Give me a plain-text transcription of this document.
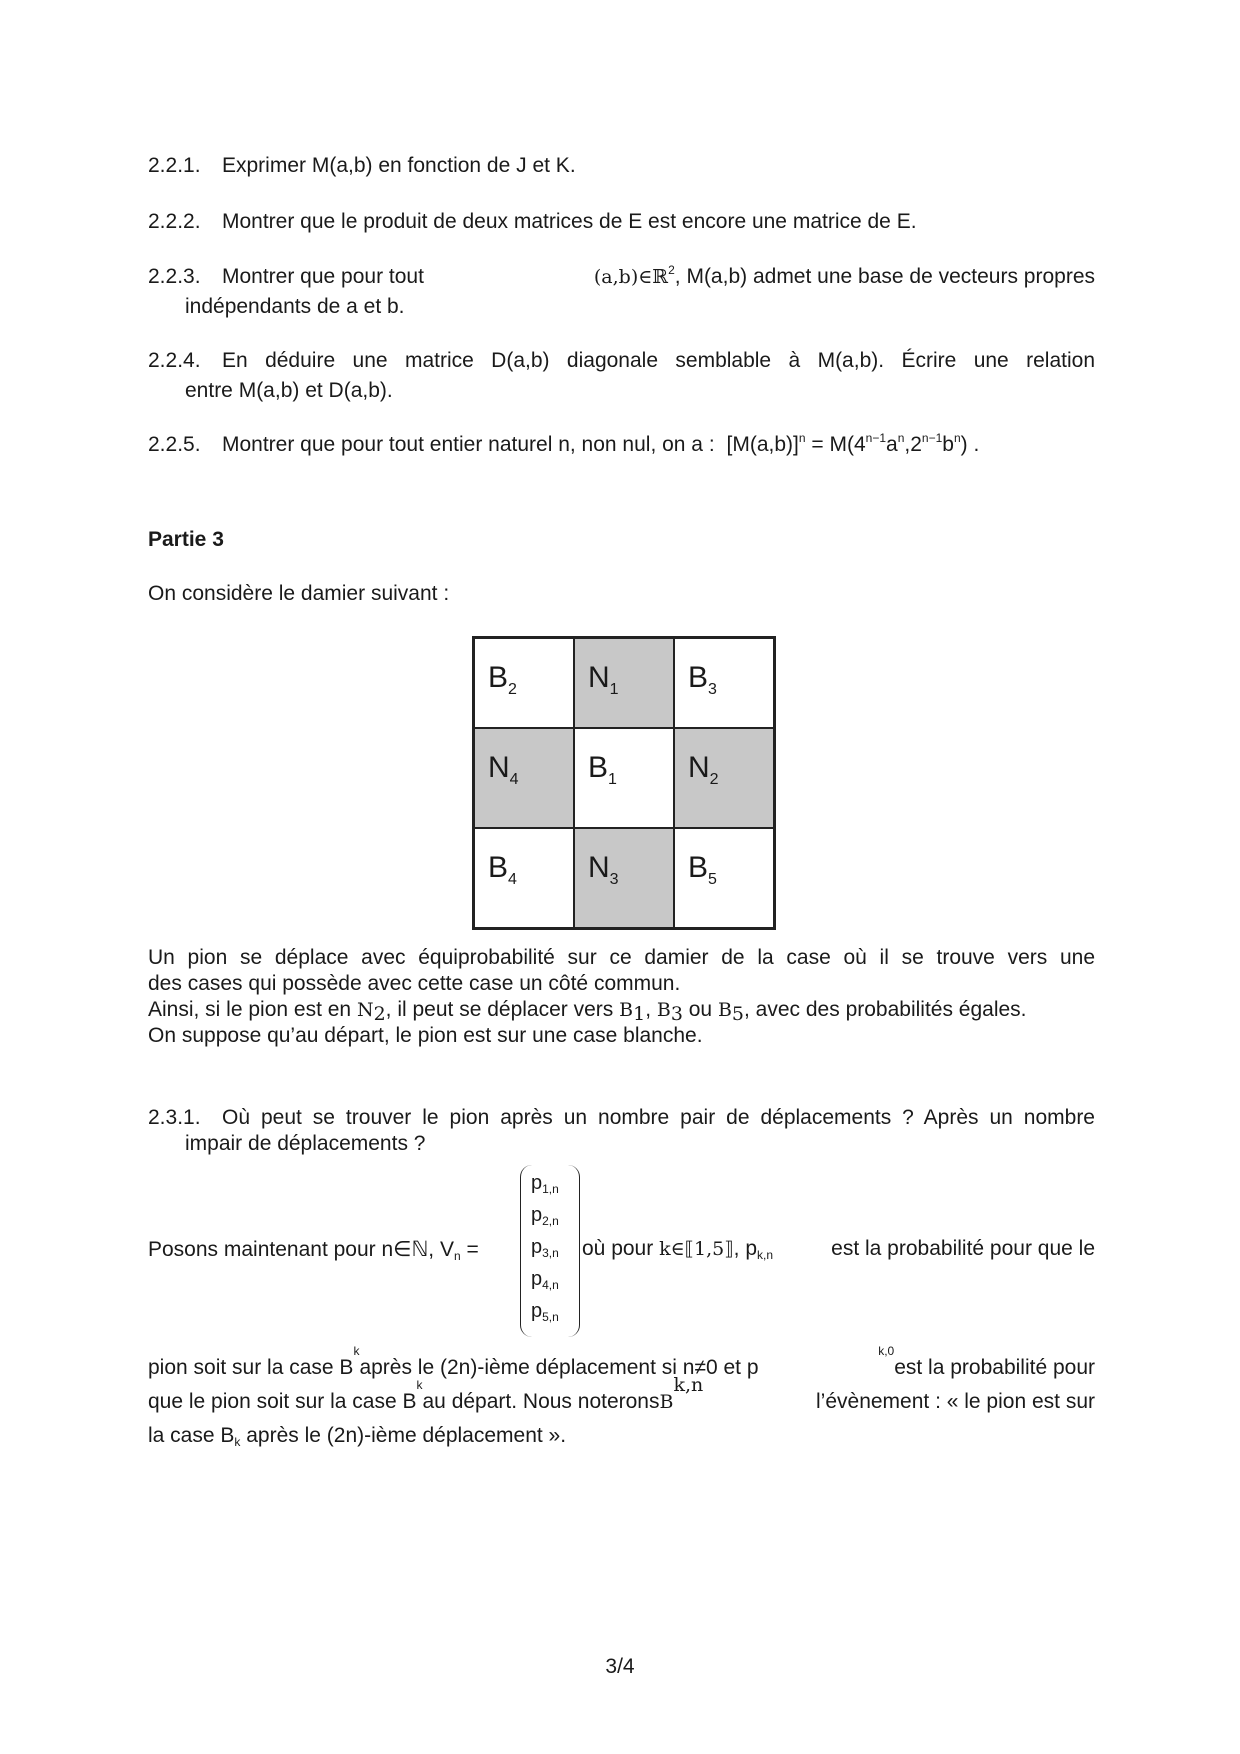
2.2.1. Exprimer M(a,b) en fonction de J et K.
2.2.2. Montrer que le produit de deux matrices de E est encore une matrice de E.
2.2.3.	Montrer que pour tout	(a,b)∈ℝ$^2$, M(a,b) admet une base de vecteurs propres
indépendants de a et b.
2.2.4.	En déduire une matrice D(a,b) diagonale semblable à M(a,b). Écrire une relation
entre M(a,b) et D(a,b).
2.2.5. Montrer que pour tout entier naturel n, non nul, on a : $[M(a,b)]^n = M(4^{n-1}a^n,2^{n-1}b^n)$ .
Partie 3
On considère le damier suivant :
$B_2$	$N_1$	$B_3$
$N_4$	$B_1$	$N_2$
$B_4$	$N_3$	$B_5$
Un pion se déplace avec équiprobabilité sur ce damier de la case où il se trouve vers une
des cases qui possède avec cette case un côté commun.
Ainsi, si le pion est en $N_2$, il peut se déplacer vers $B_1$, $B_3$ ou $B_5$, avec des probabilités égales.
On suppose qu’au départ, le pion est sur une case blanche.
2.3.1.	Où peut se trouver le pion après un nombre pair de déplacements ? Après un nombre
impair de déplacements ?
Posons maintenant pour n∈ℕ, $V_n$ =
$p_{1,n}$
$p_{2,n}$
$p_{3,n}$
$p_{4,n}$
$p_{5,n}$
où pour k∈⟦1,5⟧, $p_{k,n}$	est la probabilité pour que le
pion soit sur la case B
k
après le (2n)-ième déplacement si n≠0 et p
k,0
est la probabilité pour
que le pion soit sur la case B
k
au départ. Nous noterons B
k,n
l’évènement : « le pion est sur
la case $B_k$ après le (2n)-ième déplacement ».
3/4
